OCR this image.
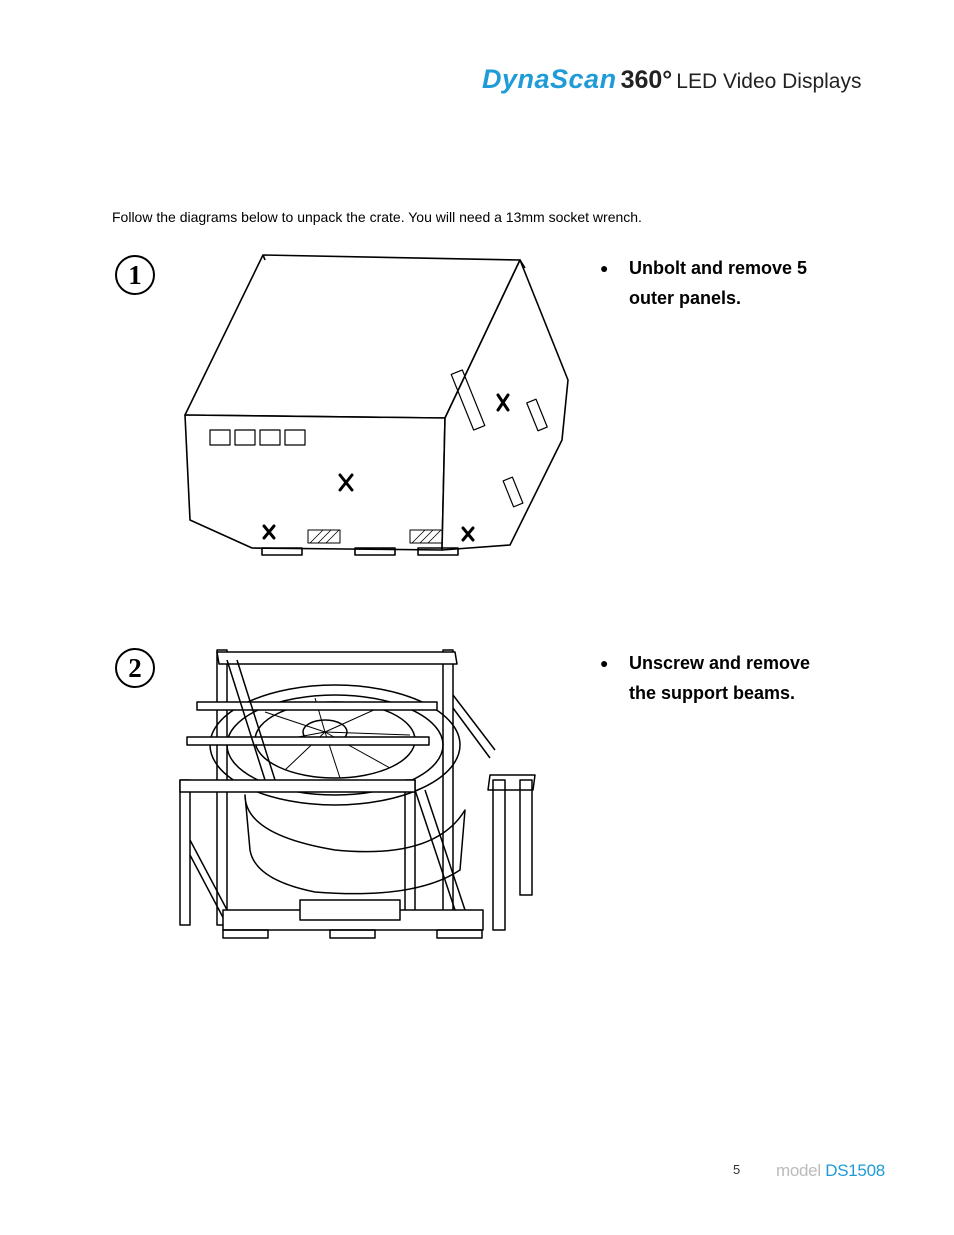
DynaScan 360° LED Video Displays
Follow the diagrams below to unpack the crate. You will need a 13mm socket wrench.
1	● Unbolt and remove 5 outer panels.
2	● Unscrew and remove the support beams.
5 model DS1508
